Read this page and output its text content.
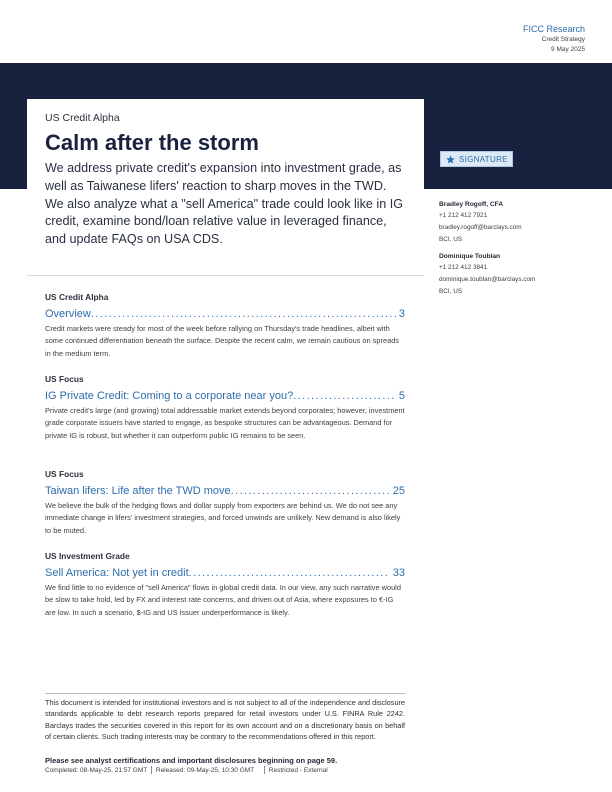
FICC Research
Credit Strategy
9 May 2025
US Credit Alpha
Calm after the storm
We address private credit's expansion into investment grade, as well as Taiwanese lifers' reaction to sharp moves in the TWD. We also analyze what a "sell America" trade could look like in IG credit, examine bond/loan relative value in leveraged finance, and update FAQs on USA CDS.
SIGNATURE
Bradley Rogoff, CFA
+1 212 412 7921
bradley.rogoff@barclays.com
BCI, US
Dominique Toublan
+1 212 412 3841
dominique.toublan@barclays.com
BCI, US
US Credit Alpha
Overview .....	3
Credit markets were steady for most of the week before rallying on Thursday's trade headlines, albeit with some continued differentiation beneath the surface. Despite the recent calm, we remain cautious on spreads in the medium term.
US Focus
IG Private Credit: Coming to a corporate near you? .....	5
Private credit's large (and growing) total addressable market extends beyond corporates; however, investment grade corporate issuers have started to engage, as bespoke structures can be advantageous. Demand for private IG is robust, but whether it can outperform public IG remains to be seen.
US Focus
Taiwan lifers: Life after the TWD move .....	25
We believe the bulk of the hedging flows and dollar supply from exporters are behind us. We do not see any immediate change in lifers' investment strategies, and forced unwinds are unlikely. New demand is also likely to be muted.
US Investment Grade
Sell America: Not yet in credit .....	33
We find little to no evidence of "sell America" flows in global credit data. In our view, any such narrative would be slow to take hold, led by FX and interest rate concerns, and driven out of Asia, where exposures to €-IG are low. In such a scenario, $-IG and US issuer underperformance is likely.
This document is intended for institutional investors and is not subject to all of the independence and disclosure standards applicable to debt research reports prepared for retail investors under U.S. FINRA Rule 2242. Barclays trades the securities covered in this report for its own account and on a discretionary basis on behalf of certain clients. Such trading interests may be contrary to the recommendations offered in this report.
Please see analyst certifications and important disclosures beginning on page 59.
Completed: 08-May-25, 21:57 GMT Released: 09-May-25, 10:30 GMT Restricted - External
